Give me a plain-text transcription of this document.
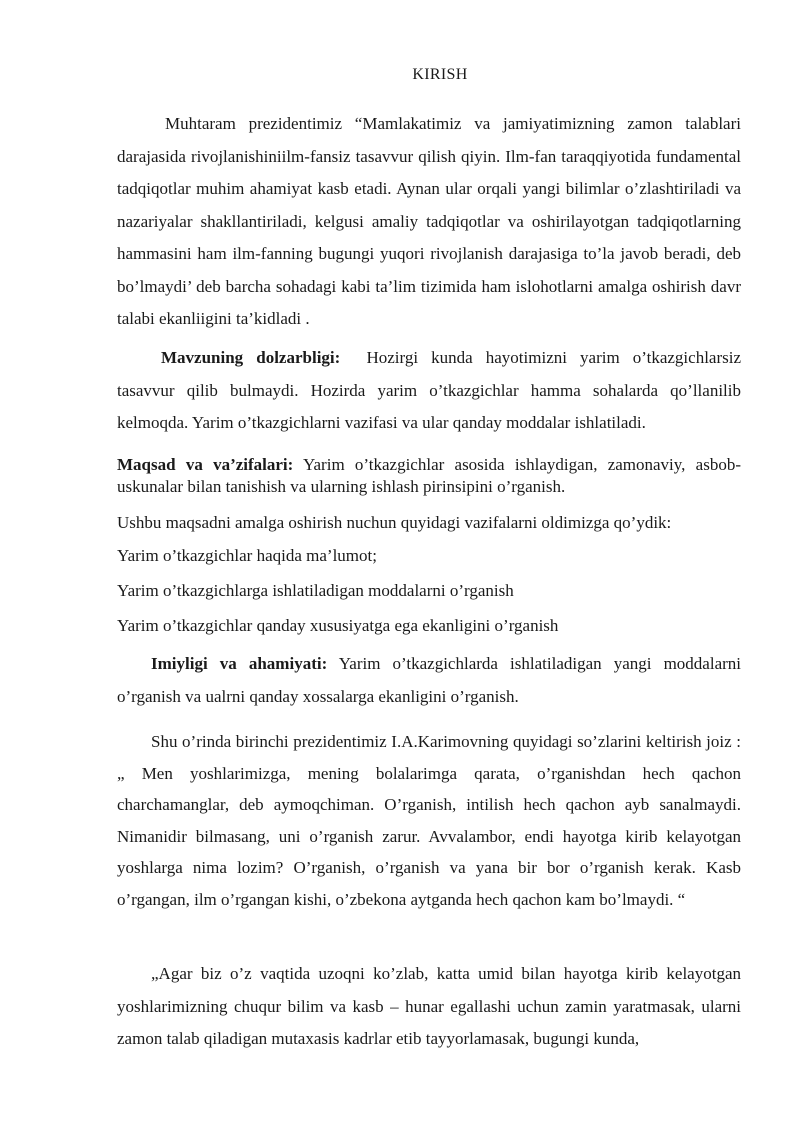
KIRISH

Muhtaram prezidentimiz “Mamlakatimiz va jamiyatimizning zamon talablari darajasida rivojlanishiniilm-fansiz tasavvur qilish qiyin. Ilm-fan taraqqiyotida fundamental tadqiqotlar muhim ahamiyat kasb etadi. Aynan ular orqali yangi bilimlar o’zlashtiriladi va nazariyalar shakllantiriladi, kelgusi amaliy tadqiqotlar va oshirilayotgan tadqiqotlarning hammasini ham ilm-fanning bugungi yuqori rivojlanish darajasiga to’la javob beradi, deb bo’lmaydi’ deb barcha sohadagi kabi ta’lim tizimida ham islohotlarni amalga oshirish davr talabi ekanliigini ta’kidladi .

Mavzuning dolzarbligi: Hozirgi kunda hayotimizni yarim o’tkazgichlarsiz tasavvur qilib bulmaydi. Hozirda yarim o’tkazgichlar hamma sohalarda qo’llanilib kelmoqda. Yarim o’tkazgichlarni vazifasi va ular qanday moddalar ishlatiladi.

Maqsad va va’zifalari: Yarim o’tkazgichlar asosida ishlaydigan, zamonaviy, asbob-uskunalar bilan tanishish va ularning ishlash pirinsipini o’rganish.

Ushbu maqsadni amalga oshirish nuchun quyidagi vazifalarni oldimizga qo’ydik:
Yarim o’tkazgichlar haqida ma’lumot;
Yarim o’tkazgichlarga ishlatiladigan moddalarni o’rganish
Yarim o’tkazgichlar qanday xususiyatga ega ekanligini o’rganish

Imiyligi va ahamiyati: Yarim o’tkazgichlarda ishlatiladigan yangi moddalarni o’rganish va ualrni qanday xossalarga ekanligini o’rganish.

Shu o’rinda birinchi prezidentimiz I.A.Karimovning quyidagi so’zlarini keltirish joiz : „ Men yoshlarimizga, mening bolalarimga qarata, o’rganishdan hech qachon charchamanglar, deb aymoqchiman. O’rganish, intilish hech qachon ayb sanalmaydi. Nimanidir bilmasang, uni o’rganish zarur. Avvalambor, endi hayotga kirib kelayotgan yoshlarga nima lozim? O’rganish, o’rganish va yana bir bor o’rganish kerak. Kasb o’rgangan, ilm o’rgangan kishi, o’zbekona aytganda hech qachon kam bo’lmaydi. “

„Agar biz o’z vaqtida uzoqni ko’zlab, katta umid bilan hayotga kirib kelayotgan yoshlarimizning chuqur bilim va kasb – hunar egallashi uchun zamin yaratmasak, ularni zamon talab qiladigan mutaxasis kadrlar etib tayyorlamasak, bugungi kunda,
